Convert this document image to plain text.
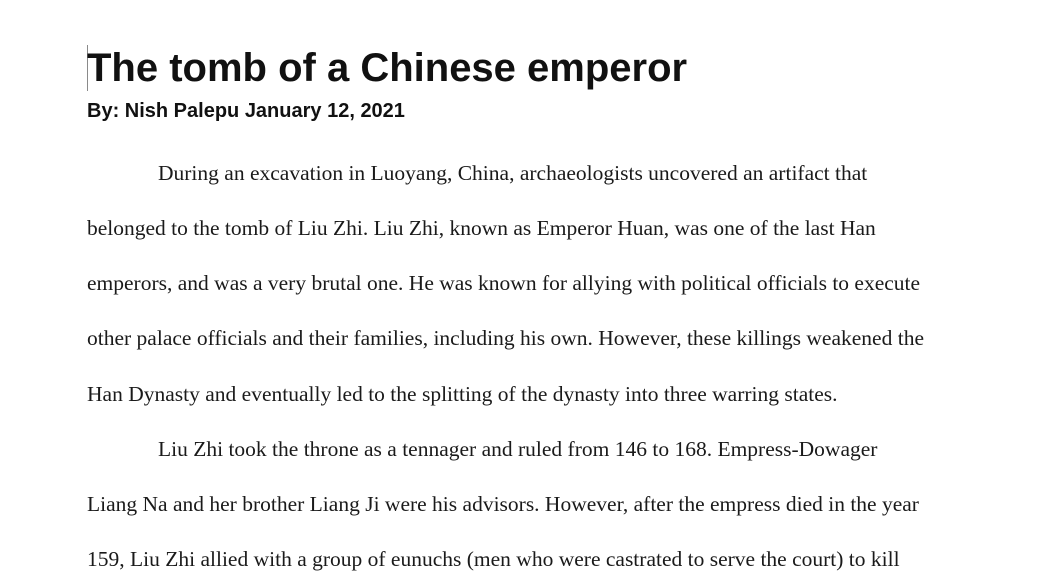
The tomb of a Chinese emperor

By: Nish Palepu January 12, 2021

During an excavation in Luoyang, China, archaeologists uncovered an artifact that

belonged to the tomb of Liu Zhi. Liu Zhi, known as Emperor Huan, was one of the last Han

emperors, and was a very brutal one. He was known for allying with political officials to execute

other palace officials and their families, including his own. However, these killings weakened the

Han Dynasty and eventually led to the splitting of the dynasty into three warring states.

Liu Zhi took the throne as a tennager and ruled from 146 to 168. Empress-Dowager

Liang Na and her brother Liang Ji were his advisors. However, after the empress died in the year

159, Liu Zhi allied with a group of eunuchs (men who were castrated to serve the court) to kill
